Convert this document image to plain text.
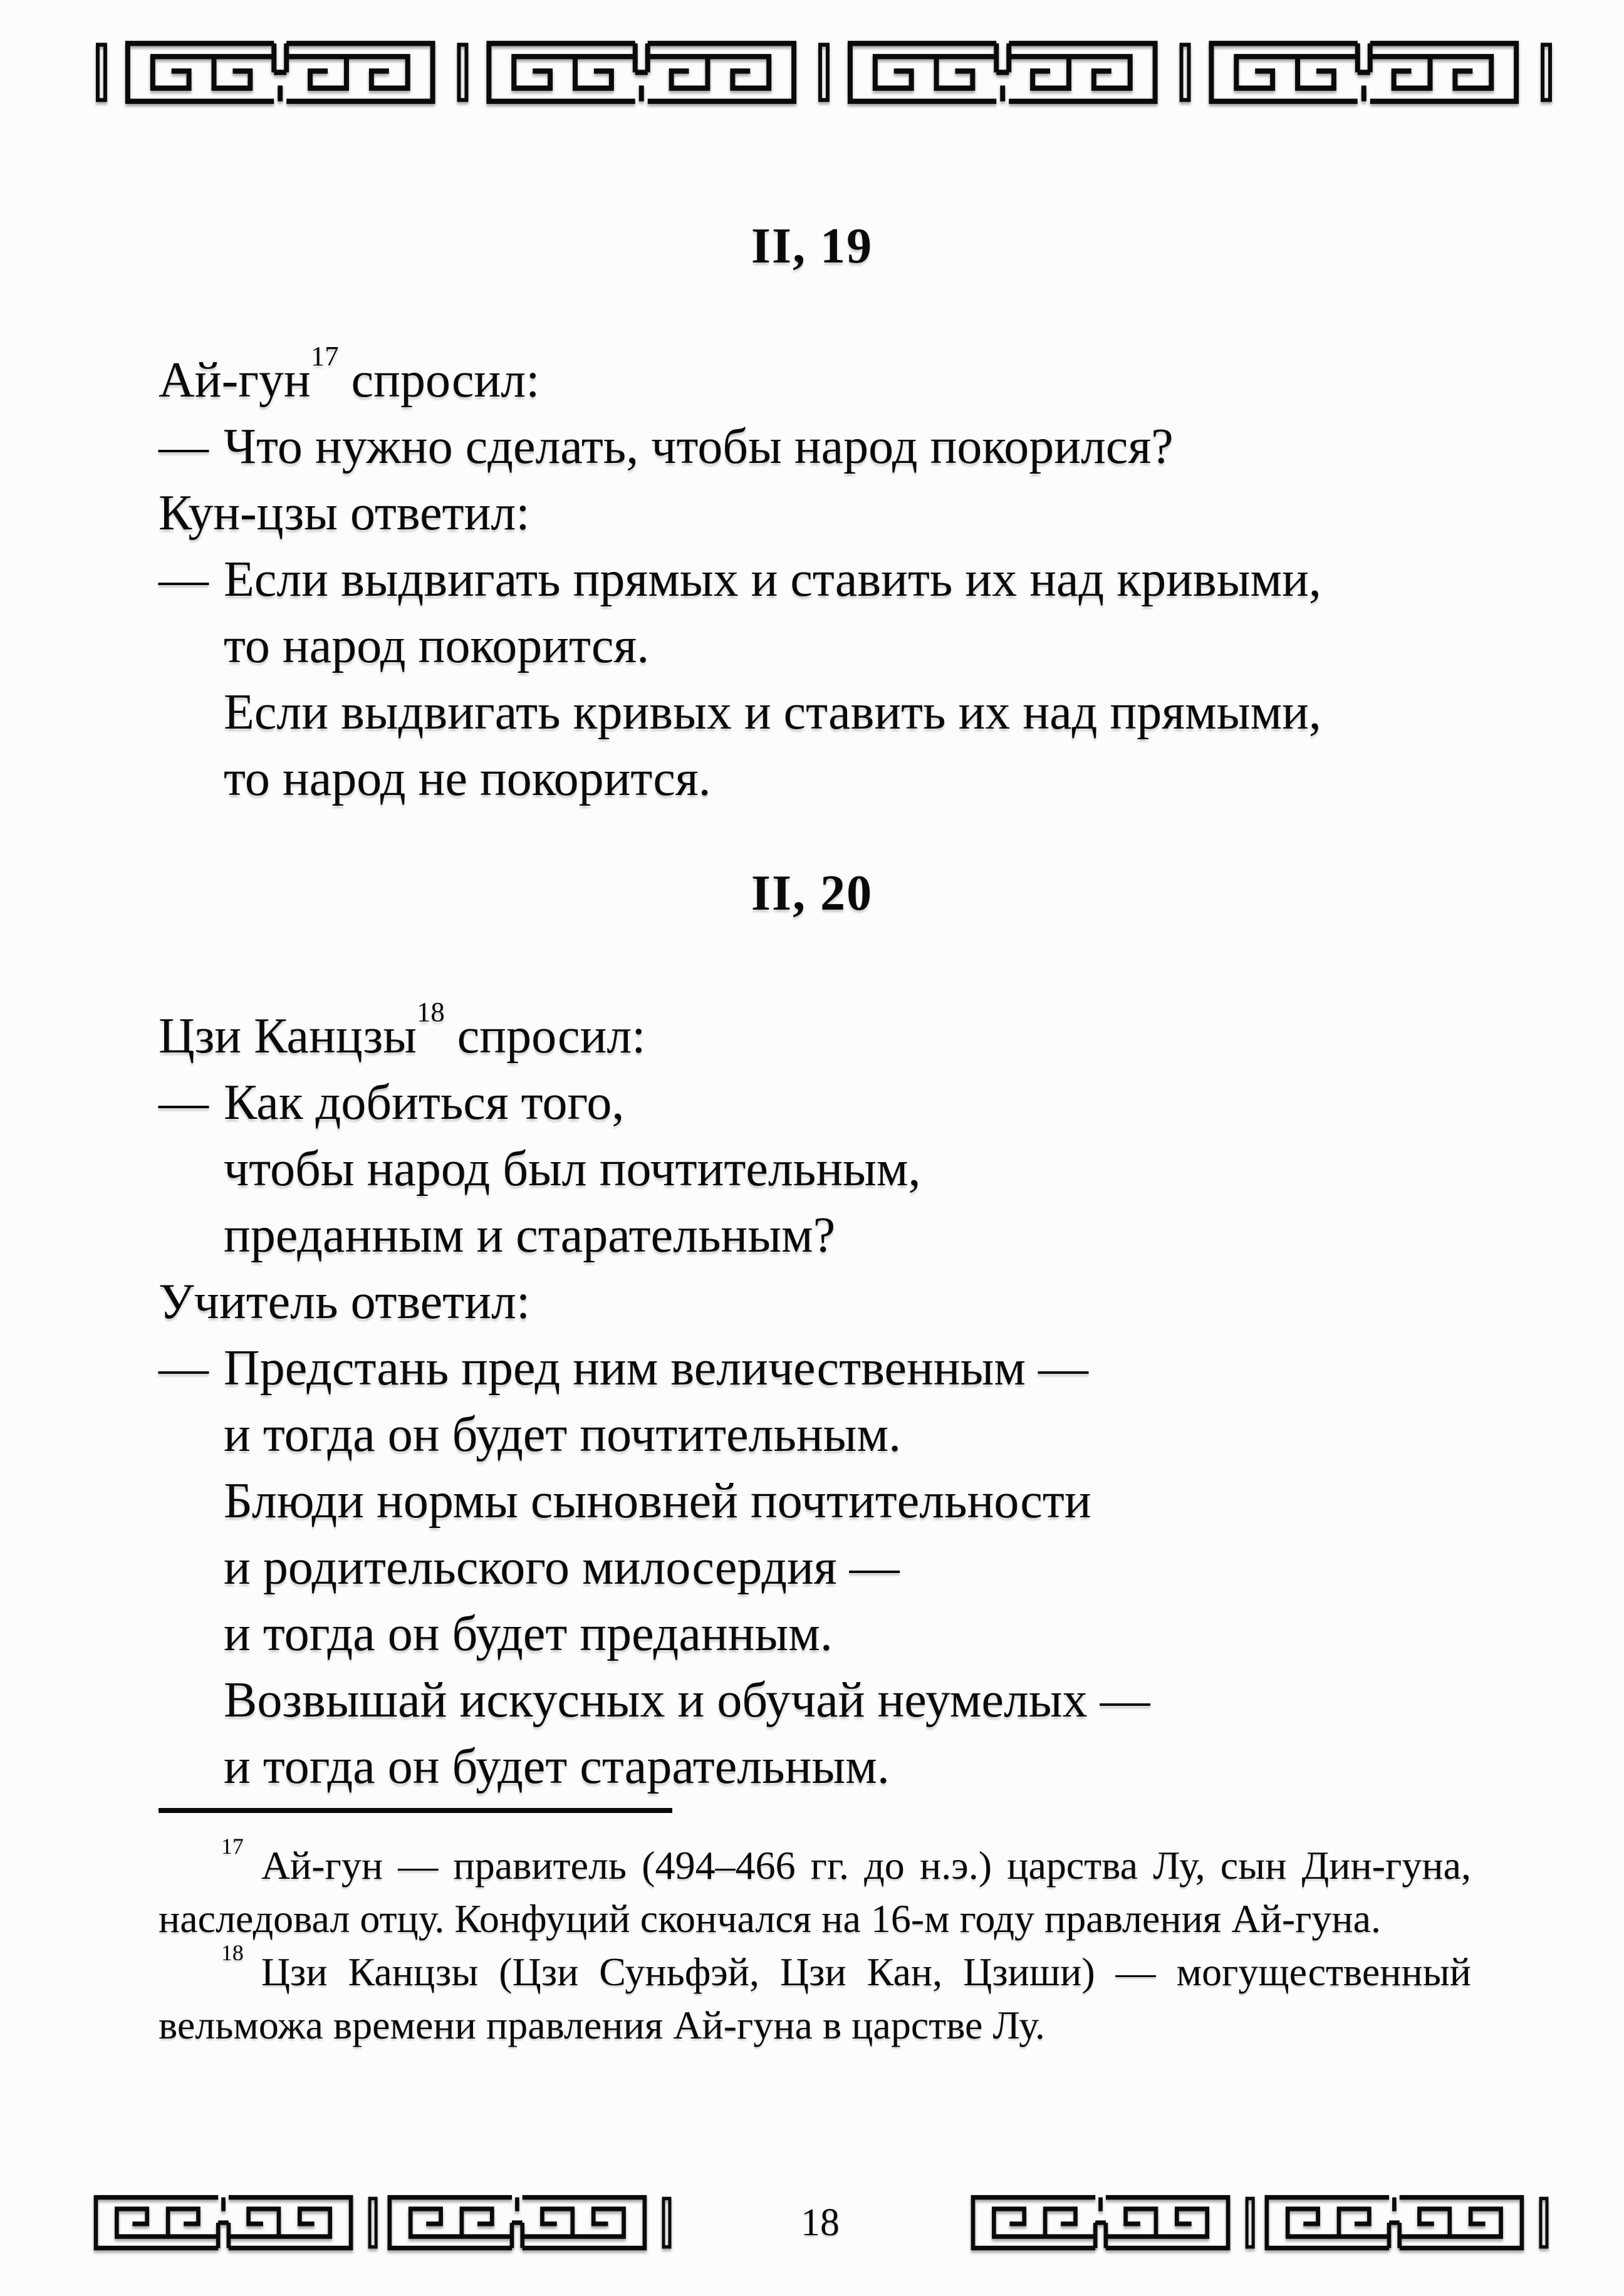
II, 19
Ай-гун$^{17}$ спросил:
— Что нужно сделать, чтобы народ покорился?
Кун-цзы ответил:
— Если выдвигать прямых и ставить их над кривыми,
то народ покорится.
Если выдвигать кривых и ставить их над прямыми,
то народ не покорится.
II, 20
Цзи Канцзы$^{18}$ спросил:
— Как добиться того,
чтобы народ был почтительным,
преданным и старательным?
Учитель ответил:
— Предстань пред ним величественным —
и тогда он будет почтительным.
Блюди нормы сыновней почтительности
и родительского милосердия —
и тогда он будет преданным.
Возвышай искусных и обучай неумелых —
и тогда он будет старательным.

$^{17}$ Ай-гун — правитель (494–466 гг. до н.э.) царства Лу, сын Дин-гуна, наследовал отцу. Конфуций скончался на 16-м году правления Ай-гуна.

$^{18}$ Цзи Канцзы (Цзи Суньфэй, Цзи Кан, Цзиши) — могущественный вельможа времени правления Ай-гуна в царстве Лу.

18
